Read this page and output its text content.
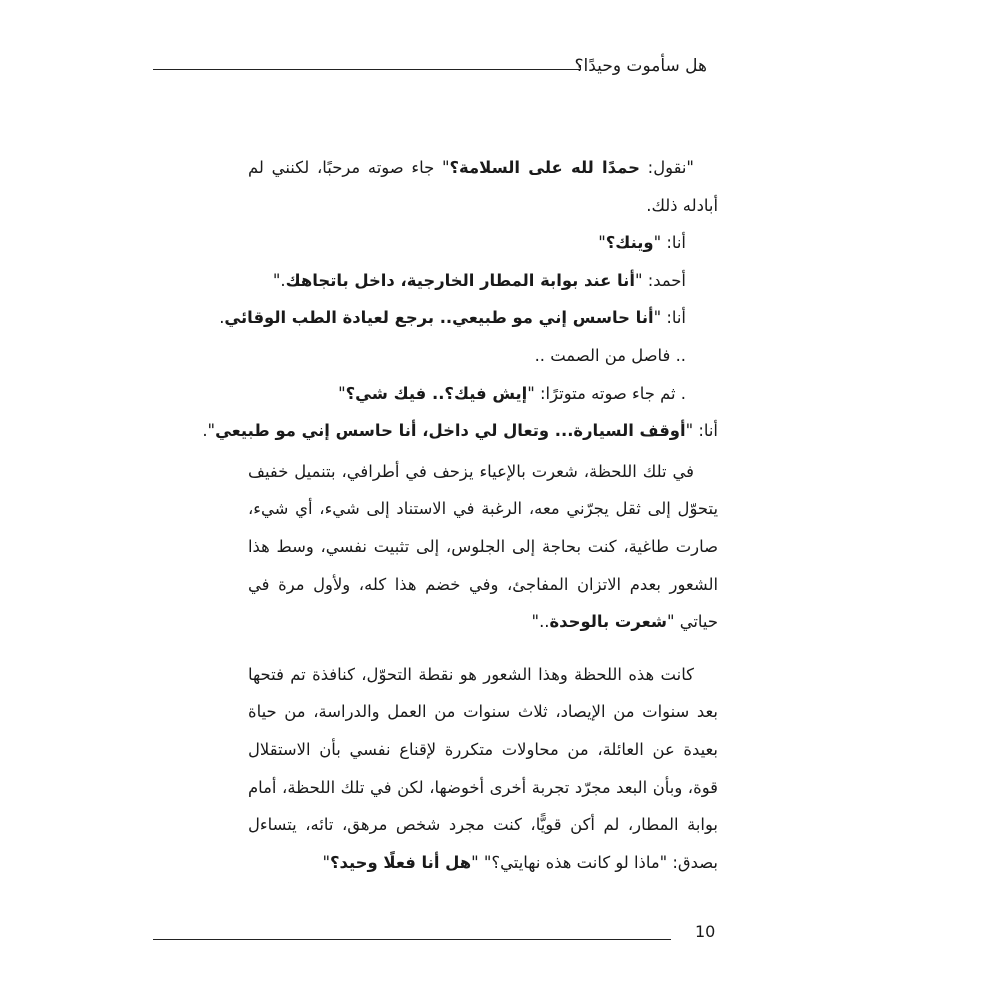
هل سأموت وحيدًا؟

"نقول: حمدًا لله على السلامة؟" جاء صوته مرحبًا، لكنني لم أبادله ذلك.

أنا: "وينك؟"

أحمد: "أنا عند بوابة المطار الخارجية، داخل باتجاهك."

أنا: "أنا حاسس إني مو طبيعي.. برجع لعيادة الطب الوقائي.

.. فاصل من الصمت ..

. ثم جاء صوته متوترًا: "إيش فيك؟.. فيك شي؟"

أنا: "أوقف السيارة... وتعال لي داخل، أنا حاسس إني مو طبيعي".

في تلك اللحظة، شعرت بالإعياء يزحف في أطرافي، بتنميل خفيف يتحوّل إلى ثقل يجرّني معه، الرغبة في الاستناد إلى شيء، أي شيء، صارت طاغية، كنت بحاجة إلى الجلوس، إلى تثبيت نفسي، وسط هذا الشعور بعدم الاتزان المفاجئ، وفي خضم هذا كله، ولأول مرة في حياتي "شعرت بالوحدة.."

كانت هذه اللحظة وهذا الشعور هو نقطة التحوّل، كنافذة تم فتحها بعد سنوات من الإيصاد، ثلاث سنوات من العمل والدراسة، من حياة بعيدة عن العائلة، من محاولات متكررة لإقناع نفسي بأن الاستقلال قوة، وبأن البعد مجرّد تجربة أخرى أخوضها، لكن في تلك اللحظة، أمام بوابة المطار، لم أكن قويًّا، كنت مجرد شخص مرهق، تائه، يتساءل بصدق: "ماذا لو كانت هذه نهايتي؟" "هل أنا فعلًا وحيد؟"

10
